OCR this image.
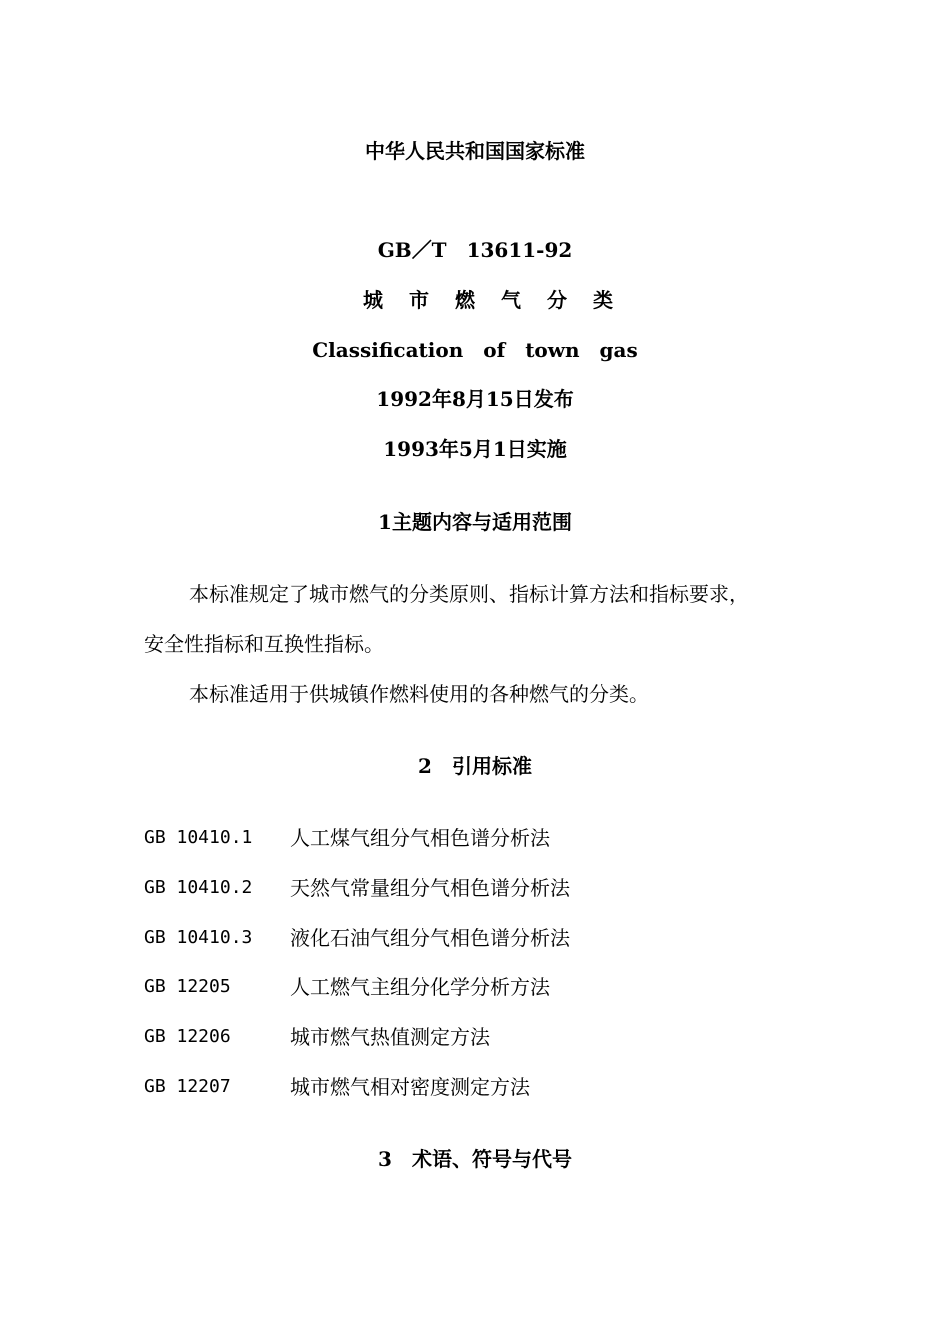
中华人民共和国国家标准
GB／T　13611-92
城市燃气分类
Classification　of　town　gas
1992年8月15日发布
1993年5月1日实施
1主题内容与适用范围
本标准规定了城市燃气的分类原则、指标计算方法和指标要求，
安全性指标和互换性指标。
本标准适用于供城镇作燃料使用的各种燃气的分类。
2　引用标准
GB 10410.1 人工煤气组分气相色谱分析法
GB 10410.2 天然气常量组分气相色谱分析法
GB 10410.3 液化石油气组分气相色谱分析法
GB 12205	人工燃气主组分化学分析方法
GB 12206	城市燃气热值测定方法
GB 12207	城市燃气相对密度测定方法
3　术语、符号与代号
